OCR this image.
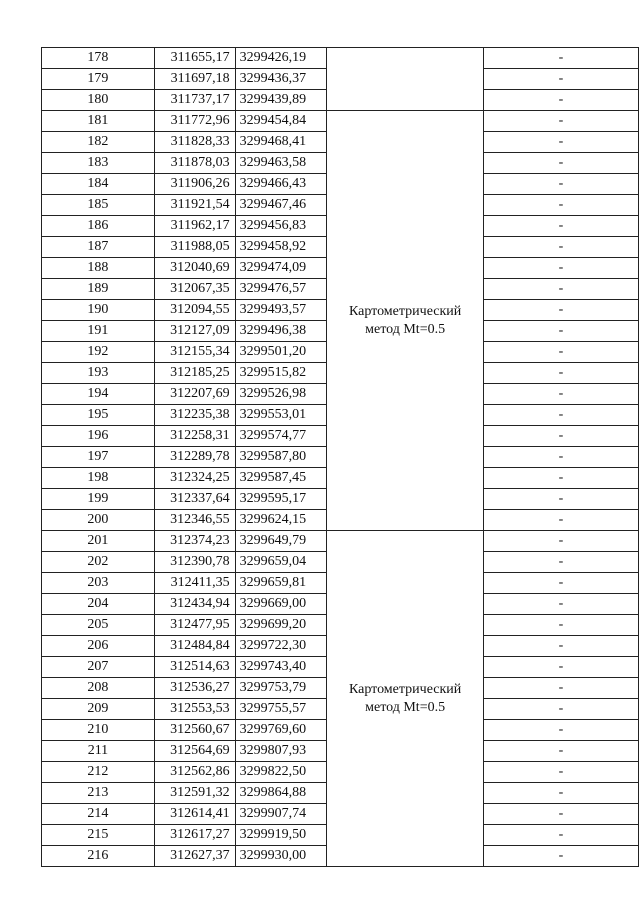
178	311655,17	3299426,19		-
179	311697,18	3299436,37		-
180	311737,17	3299439,89		-
181	311772,96	3299454,84	Картометрический
метод Mt=0.5	-
182	311828,33	3299468,41		-
183	311878,03	3299463,58		-
184	311906,26	3299466,43		-
185	311921,54	3299467,46		-
186	311962,17	3299456,83		-
187	311988,05	3299458,92		-
188	312040,69	3299474,09		-
189	312067,35	3299476,57		-
190	312094,55	3299493,57		-
191	312127,09	3299496,38		-
192	312155,34	3299501,20		-
193	312185,25	3299515,82		-
194	312207,69	3299526,98		-
195	312235,38	3299553,01		-
196	312258,31	3299574,77		-
197	312289,78	3299587,80		-
198	312324,25	3299587,45		-
199	312337,64	3299595,17		-
200	312346,55	3299624,15		-
201	312374,23	3299649,79	Картометрический
метод Mt=0.5	-
202	312390,78	3299659,04		-
203	312411,35	3299659,81		-
204	312434,94	3299669,00		-
205	312477,95	3299699,20		-
206	312484,84	3299722,30		-
207	312514,63	3299743,40		-
208	312536,27	3299753,79		-
209	312553,53	3299755,57		-
210	312560,67	3299769,60		-
211	312564,69	3299807,93		-
212	312562,86	3299822,50		-
213	312591,32	3299864,88		-
214	312614,41	3299907,74		-
215	312617,27	3299919,50		-
216	312627,37	3299930,00		-
